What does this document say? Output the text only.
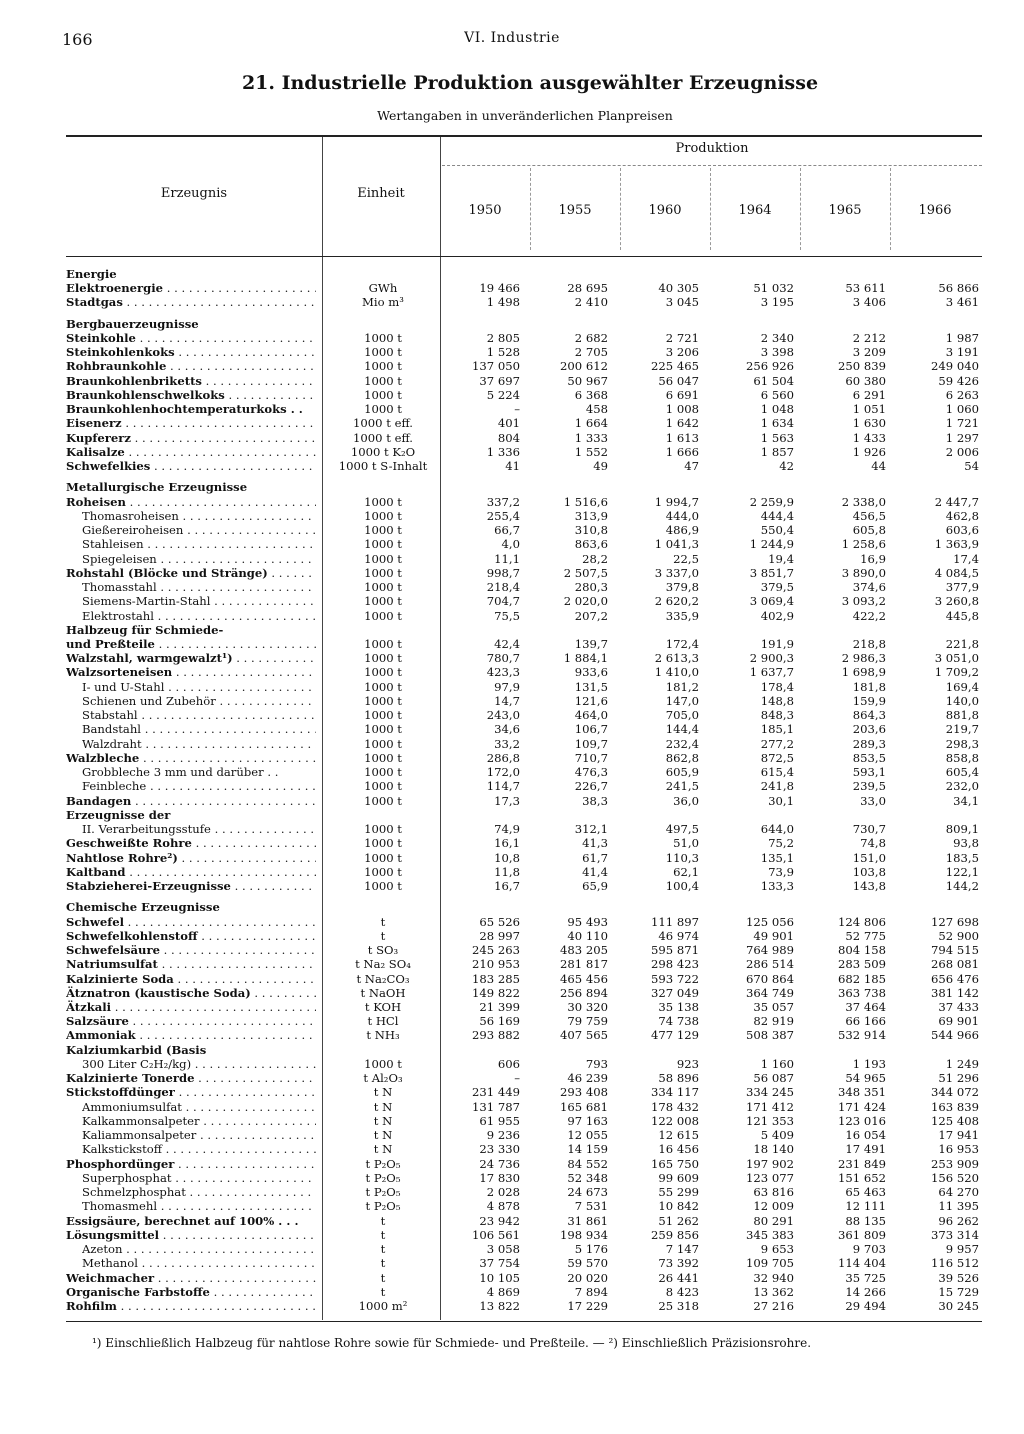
166	VI. Industrie
21. Industrielle Produktion ausgewählter Erzeugnisse
Wertangaben in unveränderlichen Planpreisen
Erzeugnis	Einheit
Produktion
1950	1955	1960	1964	1965	1966
Energie
Elektroenergie . . .	GWh	19 466	28 695	40 305	51 032	53 611	56 866
Stadtgas . . .	Mio m³	1 498	2 410	3 045	3 195	3 406	3 461
Bergbauerzeugnisse
Steinkohle . . .	1000 t	2 805	2 682	2 721	2 340	2 212	1 987
Steinkohlenkoks . . .	1000 t	1 528	2 705	3 206	3 398	3 209	3 191
Rohbraunkohle . . .	1000 t	137 050	200 612	225 465	256 926	250 839	249 040
Braunkohlenbriketts . . .	1000 t	37 697	50 967	56 047	61 504	60 380	59 426
Braunkohlenschwelkoks . . .	1000 t	5 224	6 368	6 691	6 560	6 291	6 263
Braunkohlenhochtemperaturkoks . .	1000 t	–	458	1 008	1 048	1 051	1 060
Eisenerz . . .	1000 t eff.	401	1 664	1 642	1 634	1 630	1 721
Kupfererz . . .	1000 t eff.	804	1 333	1 613	1 563	1 433	1 297
Kalisalze . . .	1000 t K₂O	1 336	1 552	1 666	1 857	1 926	2 006
Schwefelkies . . .	1000 t S-Inhalt	41	49	47	42	44	54
Metallurgische Erzeugnisse
Roheisen . . .	1000 t	337,2	1 516,6	1 994,7	2 259,9	2 338,0	2 447,7
Thomasroheisen . . .	1000 t	255,4	313,9	444,0	444,4	456,5	462,8
Gießereiroheisen . . .	1000 t	66,7	310,8	486,9	550,4	605,8	603,6
Stahleisen . . .	1000 t	4,0	863,6	1 041,3	1 244,9	1 258,6	1 363,9
Spiegeleisen . . .	1000 t	11,1	28,2	22,5	19,4	16,9	17,4
Rohstahl (Blöcke und Stränge) . . .	1000 t	998,7	2 507,5	3 337,0	3 851,7	3 890,0	4 084,5
Thomasstahl . . .	1000 t	218,4	280,3	379,8	379,5	374,6	377,9
Siemens-Martin-Stahl . . .	1000 t	704,7	2 020,0	2 620,2	3 069,4	3 093,2	3 260,8
Elektrostahl . . .	1000 t	75,5	207,2	335,9	402,9	422,2	445,8
Halbzeug für Schmiede-
und Preßteile . . .	1000 t	42,4	139,7	172,4	191,9	218,8	221,8
Walzstahl, warmgewalzt¹) . . .	1000 t	780,7	1 884,1	2 613,3	2 900,3	2 986,3	3 051,0
Walzsorteneisen . . .	1000 t	423,3	933,6	1 410,0	1 637,7	1 698,9	1 709,2
I- und U-Stahl . . .	1000 t	97,9	131,5	181,2	178,4	181,8	169,4
Schienen und Zubehör . . .	1000 t	14,7	121,6	147,0	148,8	159,9	140,0
Stabstahl . . .	1000 t	243,0	464,0	705,0	848,3	864,3	881,8
Bandstahl . . .	1000 t	34,6	106,7	144,4	185,1	203,6	219,7
Walzdraht . . .	1000 t	33,2	109,7	232,4	277,2	289,3	298,3
Walzbleche . . .	1000 t	286,8	710,7	862,8	872,5	853,5	858,8
Grobbleche 3 mm und darüber . .	1000 t	172,0	476,3	605,9	615,4	593,1	605,4
Feinbleche . . .	1000 t	114,7	226,7	241,5	241,8	239,5	232,0
Bandagen . . .	1000 t	17,3	38,3	36,0	30,1	33,0	34,1
Erzeugnisse der
II. Verarbeitungsstufe . . .	1000 t	74,9	312,1	497,5	644,0	730,7	809,1
Geschweißte Rohre . . .	1000 t	16,1	41,3	51,0	75,2	74,8	93,8
Nahtlose Rohre²) . . .	1000 t	10,8	61,7	110,3	135,1	151,0	183,5
Kaltband . . .	1000 t	11,8	41,4	62,1	73,9	103,8	122,1
Stabzieherei-Erzeugnisse . . .	1000 t	16,7	65,9	100,4	133,3	143,8	144,2
Chemische Erzeugnisse
Schwefel . . .	t	65 526	95 493	111 897	125 056	124 806	127 698
Schwefelkohlenstoff . . .	t	28 997	40 110	46 974	49 901	52 775	52 900
Schwefelsäure . . .	t SO₃	245 263	483 205	595 871	764 989	804 158	794 515
Natriumsulfat . . .	t Na₂ SO₄	210 953	281 817	298 423	286 514	283 509	268 081
Kalzinierte Soda . . .	t Na₂CO₃	183 285	465 456	593 722	670 864	682 185	656 476
Ätznatron (kaustische Soda) . . .	t NaOH	149 822	256 894	327 049	364 749	363 738	381 142
Ätzkali . . .	t KOH	21 399	30 320	35 138	35 057	37 464	37 433
Salzsäure . . .	t HCl	56 169	79 759	74 738	82 919	66 166	69 901
Ammoniak . . .	t NH₃	293 882	407 565	477 129	508 387	532 914	544 966
Kalziumkarbid (Basis
300 Liter C₂H₂/kg) . . .	1000 t	606	793	923	1 160	1 193	1 249
Kalzinierte Tonerde . . .	t Al₂O₃	–	46 239	58 896	56 087	54 965	51 296
Stickstoffdünger . . .	t N	231 449	293 408	334 117	334 245	348 351	344 072
Ammoniumsulfat . . .	t N	131 787	165 681	178 432	171 412	171 424	163 839
Kalkammonsalpeter . . .	t N	61 955	97 163	122 008	121 353	123 016	125 408
Kaliammonsalpeter . . .	t N	9 236	12 055	12 615	5 409	16 054	17 941
Kalkstickstoff . . .	t N	23 330	14 159	16 456	18 140	17 491	16 953
Phosphordünger . . .	t P₂O₅	24 736	84 552	165 750	197 902	231 849	253 909
Superphosphat . . .	t P₂O₅	17 830	52 348	99 609	123 077	151 652	156 520
Schmelzphosphat . . .	t P₂O₅	2 028	24 673	55 299	63 816	65 463	64 270
Thomasmehl . . .	t P₂O₅	4 878	7 531	10 842	12 009	12 111	11 395
Essigsäure, berechnet auf 100% . . .	t	23 942	31 861	51 262	80 291	88 135	96 262
Lösungsmittel . . .	t	106 561	198 934	259 856	345 383	361 809	373 314
Azeton . . .	t	3 058	5 176	7 147	9 653	9 703	9 957
Methanol . . .	t	37 754	59 570	73 392	109 705	114 404	116 512
Weichmacher . . .	t	10 105	20 020	26 441	32 940	35 725	39 526
Organische Farbstoffe . . .	t	4 869	7 894	8 423	13 362	14 266	15 729
Rohfilm . . .	1000 m²	13 822	17 229	25 318	27 216	29 494	30 245
¹) Einschließlich Halbzeug für nahtlose Rohre sowie für Schmiede- und Preßteile. — ²) Einschließlich Präzisionsrohre.
